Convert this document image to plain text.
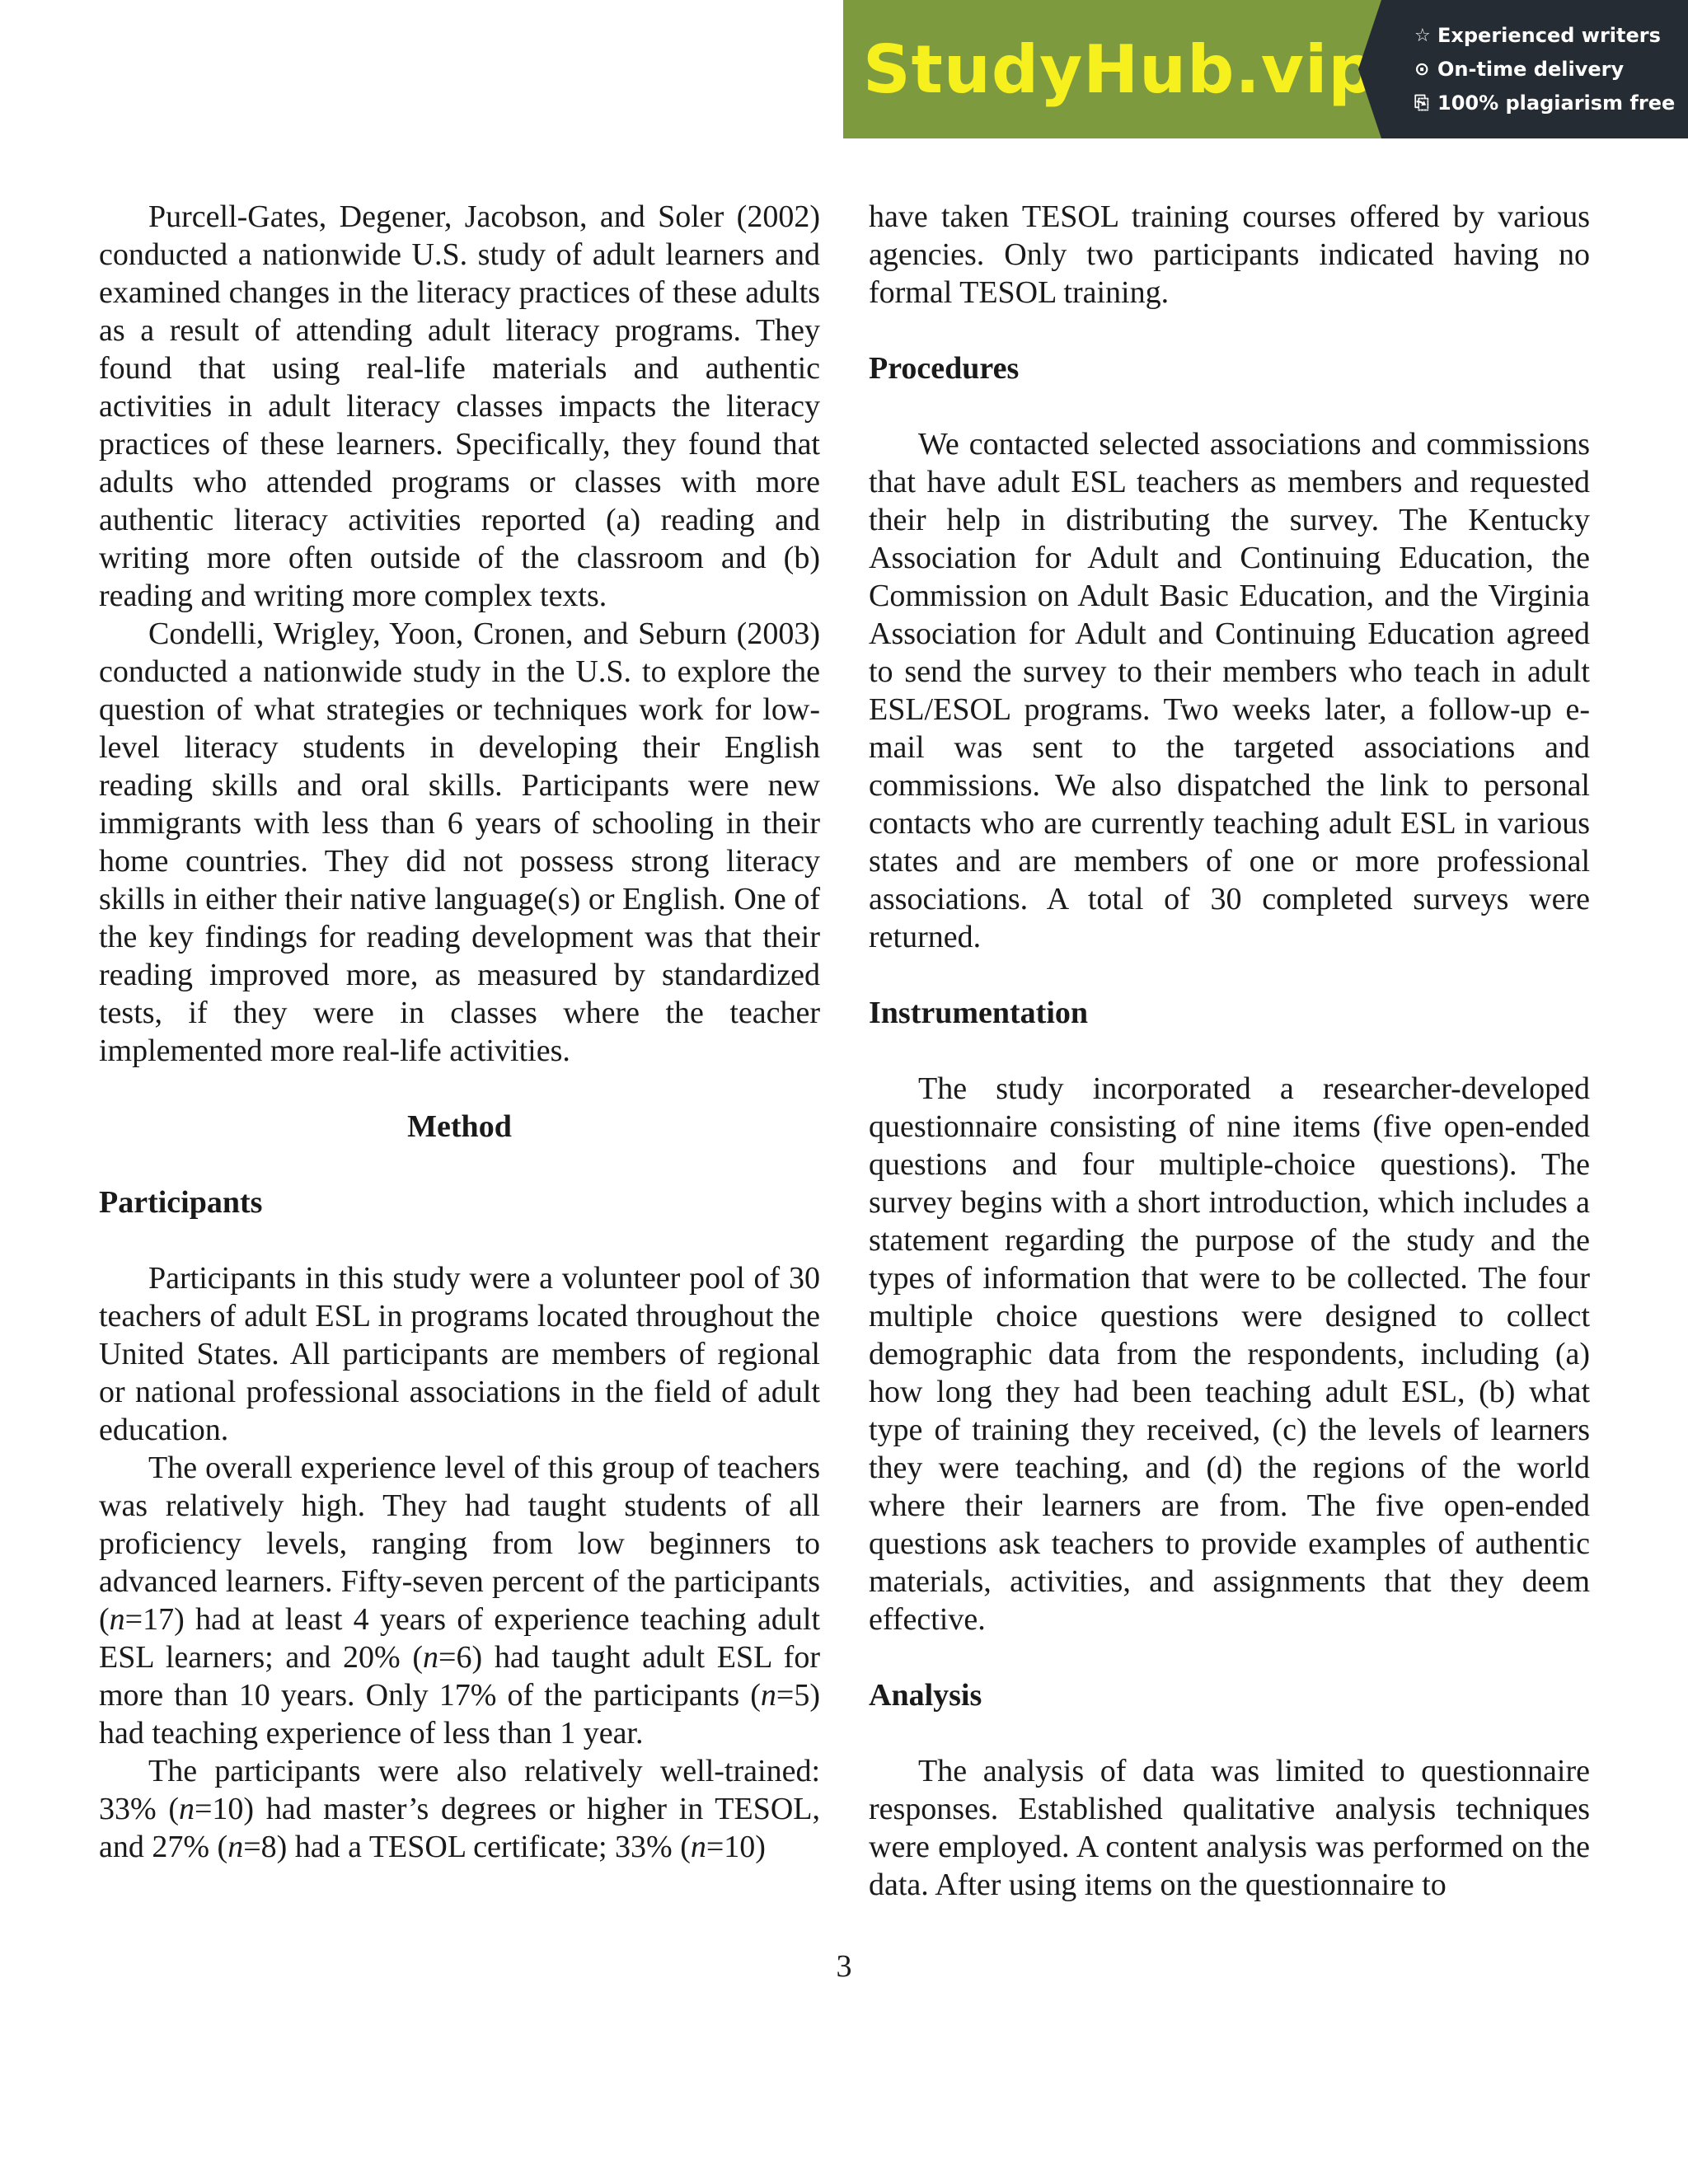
StudyHub.vip ☆ Experienced writers
⊙ On-time delivery
⎘ 100% plagiarism free

Purcell-Gates, Degener, Jacobson, and Soler (2002) conducted a nationwide U.S. study of adult learners and examined changes in the literacy practices of these adults as a result of attending adult literacy programs. They found that using real-life materials and authentic activities in adult literacy classes impacts the literacy practices of these learners. Specifically, they found that adults who attended programs or classes with more authentic literacy activities reported (a) reading and writing more often outside of the classroom and (b) reading and writing more complex texts.

Condelli, Wrigley, Yoon, Cronen, and Seburn (2003) conducted a nationwide study in the U.S. to explore the question of what strategies or techniques work for low-level literacy students in developing their English reading skills and oral skills. Participants were new immigrants with less than 6 years of schooling in their home countries. They did not possess strong literacy skills in either their native language(s) or English. One of the key findings for reading development was that their reading improved more, as measured by standardized tests, if they were in classes where the teacher implemented more real-life activities.

Method

Participants

Participants in this study were a volunteer pool of 30 teachers of adult ESL in programs located throughout the United States. All participants are members of regional or national professional associations in the field of adult education.

The overall experience level of this group of teachers was relatively high. They had taught students of all proficiency levels, ranging from low beginners to advanced learners. Fifty-seven percent of the participants (n=17) had at least 4 years of experience teaching adult ESL learners; and 20% (n=6) had taught adult ESL for more than 10 years. Only 17% of the participants (n=5) had teaching experience of less than 1 year.

The participants were also relatively well-trained: 33% (n=10) had master’s degrees or higher in TESOL, and 27% (n=8) had a TESOL certificate; 33% (n=10)

have taken TESOL training courses offered by various agencies. Only two participants indicated having no formal TESOL training.

Procedures

We contacted selected associations and commissions that have adult ESL teachers as members and requested their help in distributing the survey. The Kentucky Association for Adult and Continuing Education, the Commission on Adult Basic Education, and the Virginia Association for Adult and Continuing Education agreed to send the survey to their members who teach in adult ESL/ESOL programs. Two weeks later, a follow-up e-mail was sent to the targeted associations and commissions. We also dispatched the link to personal contacts who are currently teaching adult ESL in various states and are members of one or more professional associations. A total of 30 completed surveys were returned.

Instrumentation

The study incorporated a researcher-developed questionnaire consisting of nine items (five open-ended questions and four multiple-choice questions). The survey begins with a short introduction, which includes a statement regarding the purpose of the study and the types of information that were to be collected. The four multiple choice questions were designed to collect demographic data from the respondents, including (a) how long they had been teaching adult ESL, (b) what type of training they received, (c) the levels of learners they were teaching, and (d) the regions of the world where their learners are from. The five open-ended questions ask teachers to provide examples of authentic materials, activities, and assignments that they deem effective.

Analysis

The analysis of data was limited to questionnaire responses. Established qualitative analysis techniques were employed. A content analysis was performed on the data. After using items on the questionnaire to

3
